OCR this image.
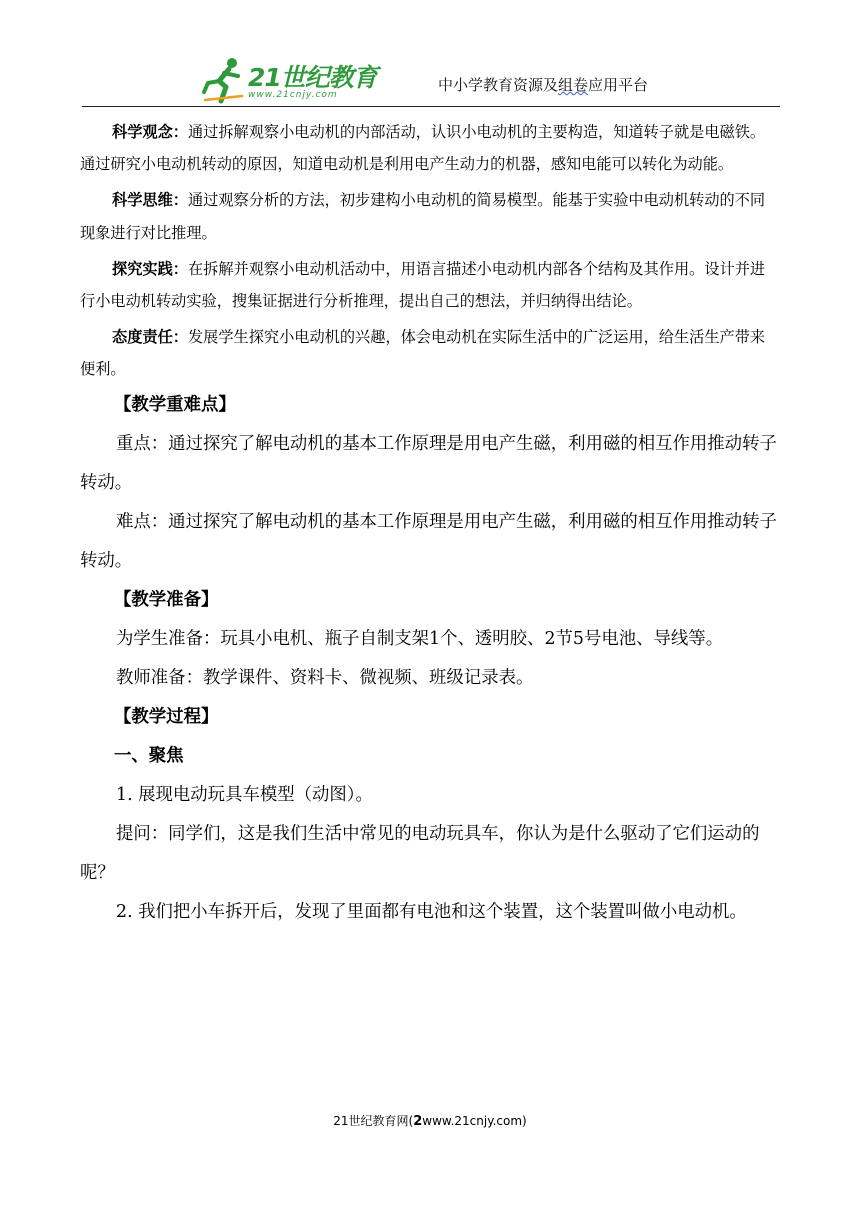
21世纪教育
www.21cnjy.com
中小学教育资源及组卷应用平台

科学观念：通过拆解观察小电动机的内部活动，认识小电动机的主要构造，知道转子就是电磁铁。通过研究小电动机转动的原因，知道电动机是利用电产生动力的机器，感知电能可以转化为动能。

科学思维：通过观察分析的方法，初步建构小电动机的简易模型。能基于实验中电动机转动的不同现象进行对比推理。

探究实践：在拆解并观察小电动机活动中，用语言描述小电动机内部各个结构及其作用。设计并进行小电动机转动实验，搜集证据进行分析推理，提出自己的想法，并归纳得出结论。

态度责任：发展学生探究小电动机的兴趣，体会电动机在实际生活中的广泛运用，给生活生产带来便利。

【教学重难点】

重点：通过探究了解电动机的基本工作原理是用电产生磁，利用磁的相互作用推动转子转动。

难点：通过探究了解电动机的基本工作原理是用电产生磁，利用磁的相互作用推动转子转动。

【教学准备】

为学生准备：玩具小电机、瓶子自制支架1个、透明胶、2节5号电池、导线等。

教师准备：教学课件、资料卡、微视频、班级记录表。

【教学过程】

一、聚焦

1. 展现电动玩具车模型（动图）。

提问：同学们，这是我们生活中常见的电动玩具车，你认为是什么驱动了它们运动的呢？

2. 我们把小车拆开后，发现了里面都有电池和这个装置，这个装置叫做小电动机。

21世纪教育网(2www.21cnjy.com)
